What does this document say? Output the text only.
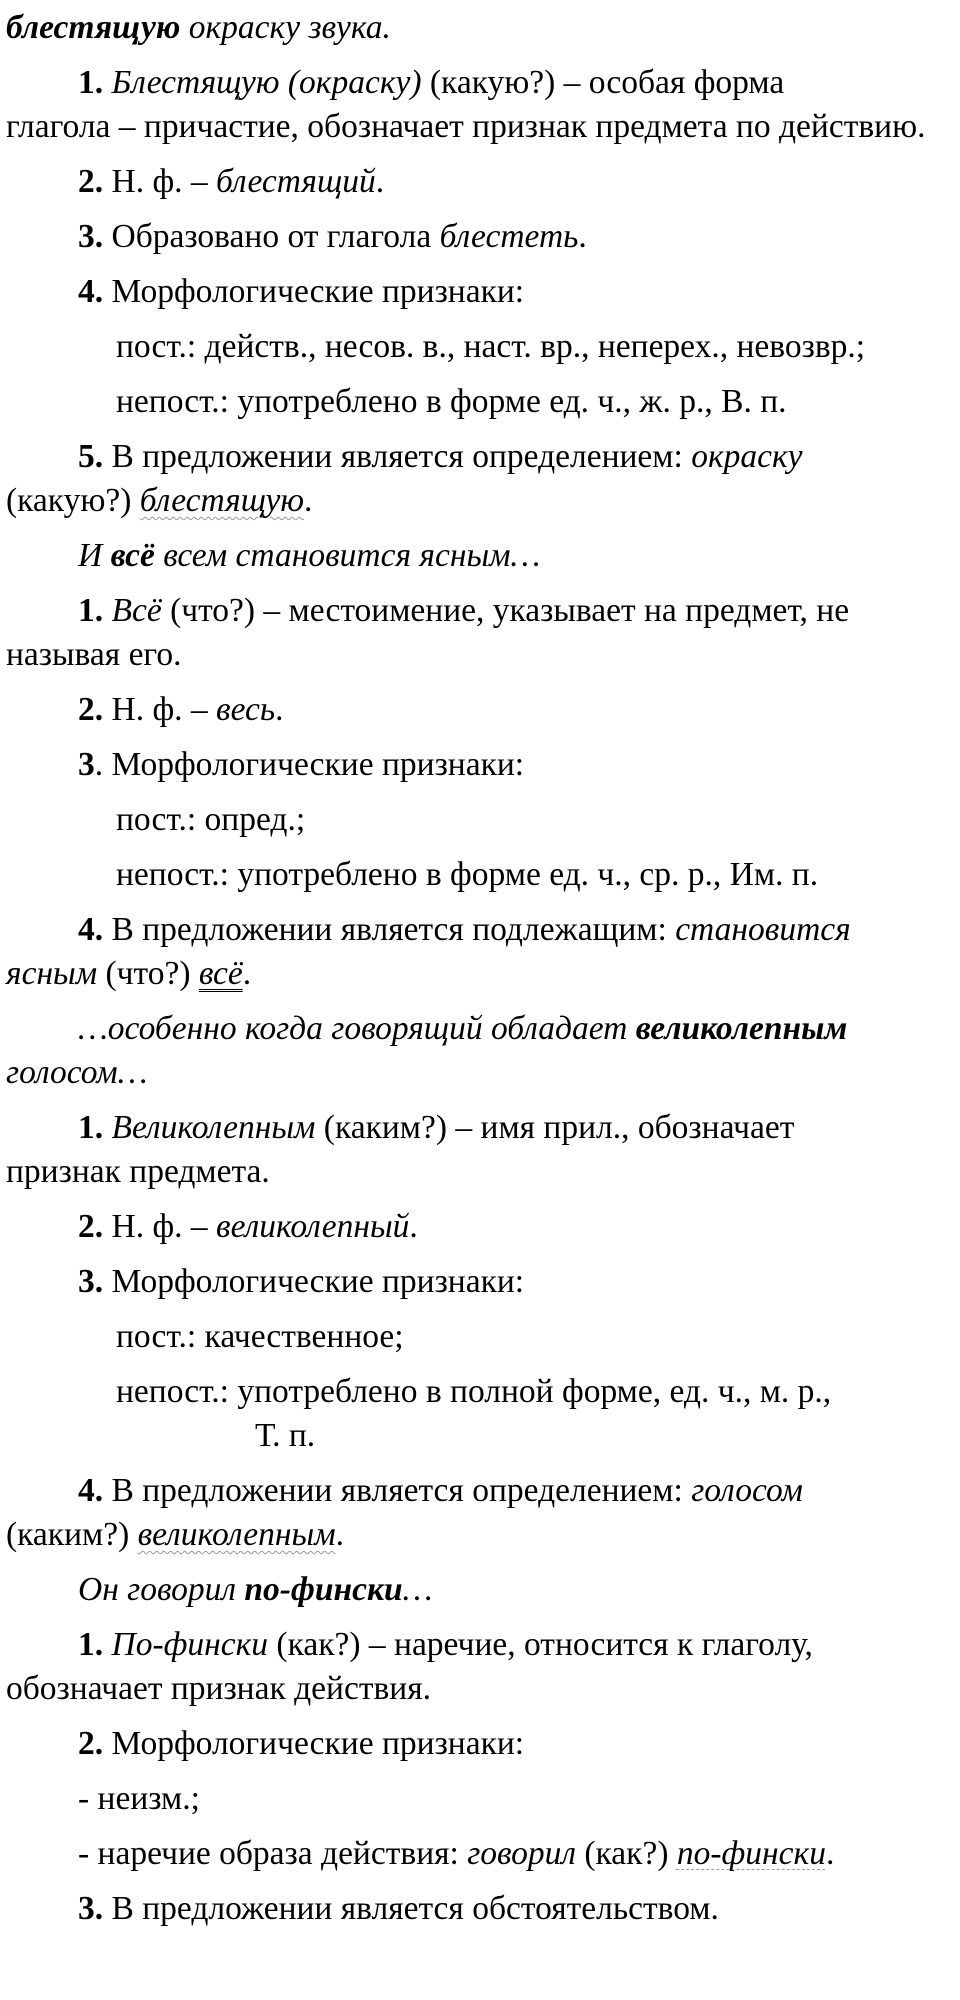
блестящую окраску звука.

1. Блестящую (окраску) (какую?) – особая форма
глагола – причастие, обозначает признак предмета по действию.

2. Н. ф. – блестящий.

3. Образовано от глагола блестеть.

4. Морфологические признаки:

пост.: действ., несов. в., наст. вр., неперех., невозвр.;

непост.: употреблено в форме ед. ч., ж. р., В. п.

5. В предложении является определением: окраску
(какую?) блестящую.

И всё всем становится ясным…

1. Всё (что?) – местоимение, указывает на предмет, не
называя его.

2. Н. ф. – весь.

3. Морфологические признаки:

пост.: опред.;

непост.: употреблено в форме ед. ч., ср. р., Им. п.

4. В предложении является подлежащим: становится
ясным (что?) всё.

…особенно когда говорящий обладает великолепным
голосом…

1. Великолепным (каким?) – имя прил., обозначает
признак предмета.

2. Н. ф. – великолепный.

3. Морфологические признаки:

пост.: качественное;

непост.: употреблено в полной форме, ед. ч., м. р.,
Т. п.

4. В предложении является определением: голосом
(каким?) великолепным.

Он говорил по-фински…

1. По-фински (как?) – наречие, относится к глаголу,
обозначает признак действия.

2. Морфологические признаки:

- неизм.;

- наречие образа действия: говорил (как?) по-фински.

3. В предложении является обстоятельством.
